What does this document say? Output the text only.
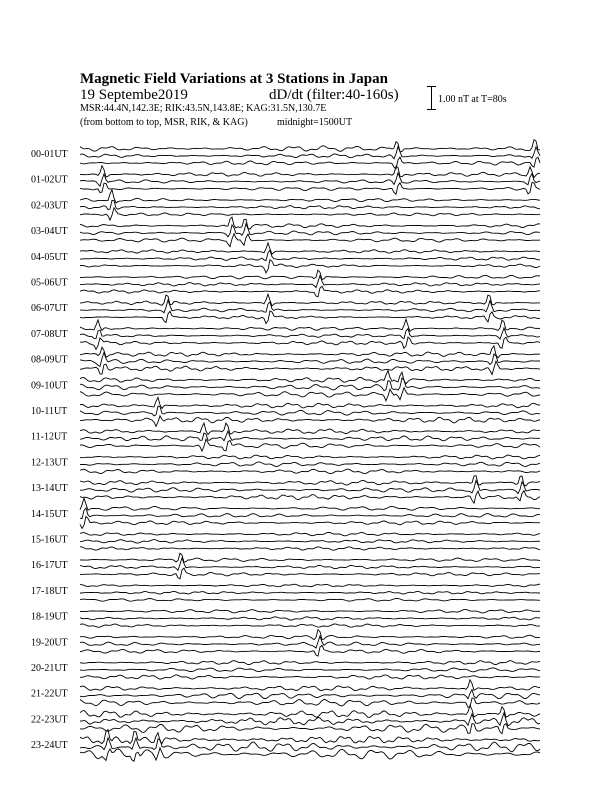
Magnetic Field Variations at 3 Stations in Japan
19 Septembe2019	dD/dt (filter:40-160s)
MSR:44.4N,142.3E; RIK:43.5N,143.8E; KAG:31.5N,130.7E
(from bottom to top, MSR, RIK, & KAG)	midnight=1500UT
1.00 nT at T=80s
00-01UT
01-02UT
02-03UT
03-04UT
04-05UT
05-06UT
06-07UT
07-08UT
08-09UT
09-10UT
10-11UT
11-12UT
12-13UT
13-14UT
14-15UT
15-16UT
16-17UT
17-18UT
18-19UT
19-20UT
20-21UT
21-22UT
22-23UT
23-24UT
